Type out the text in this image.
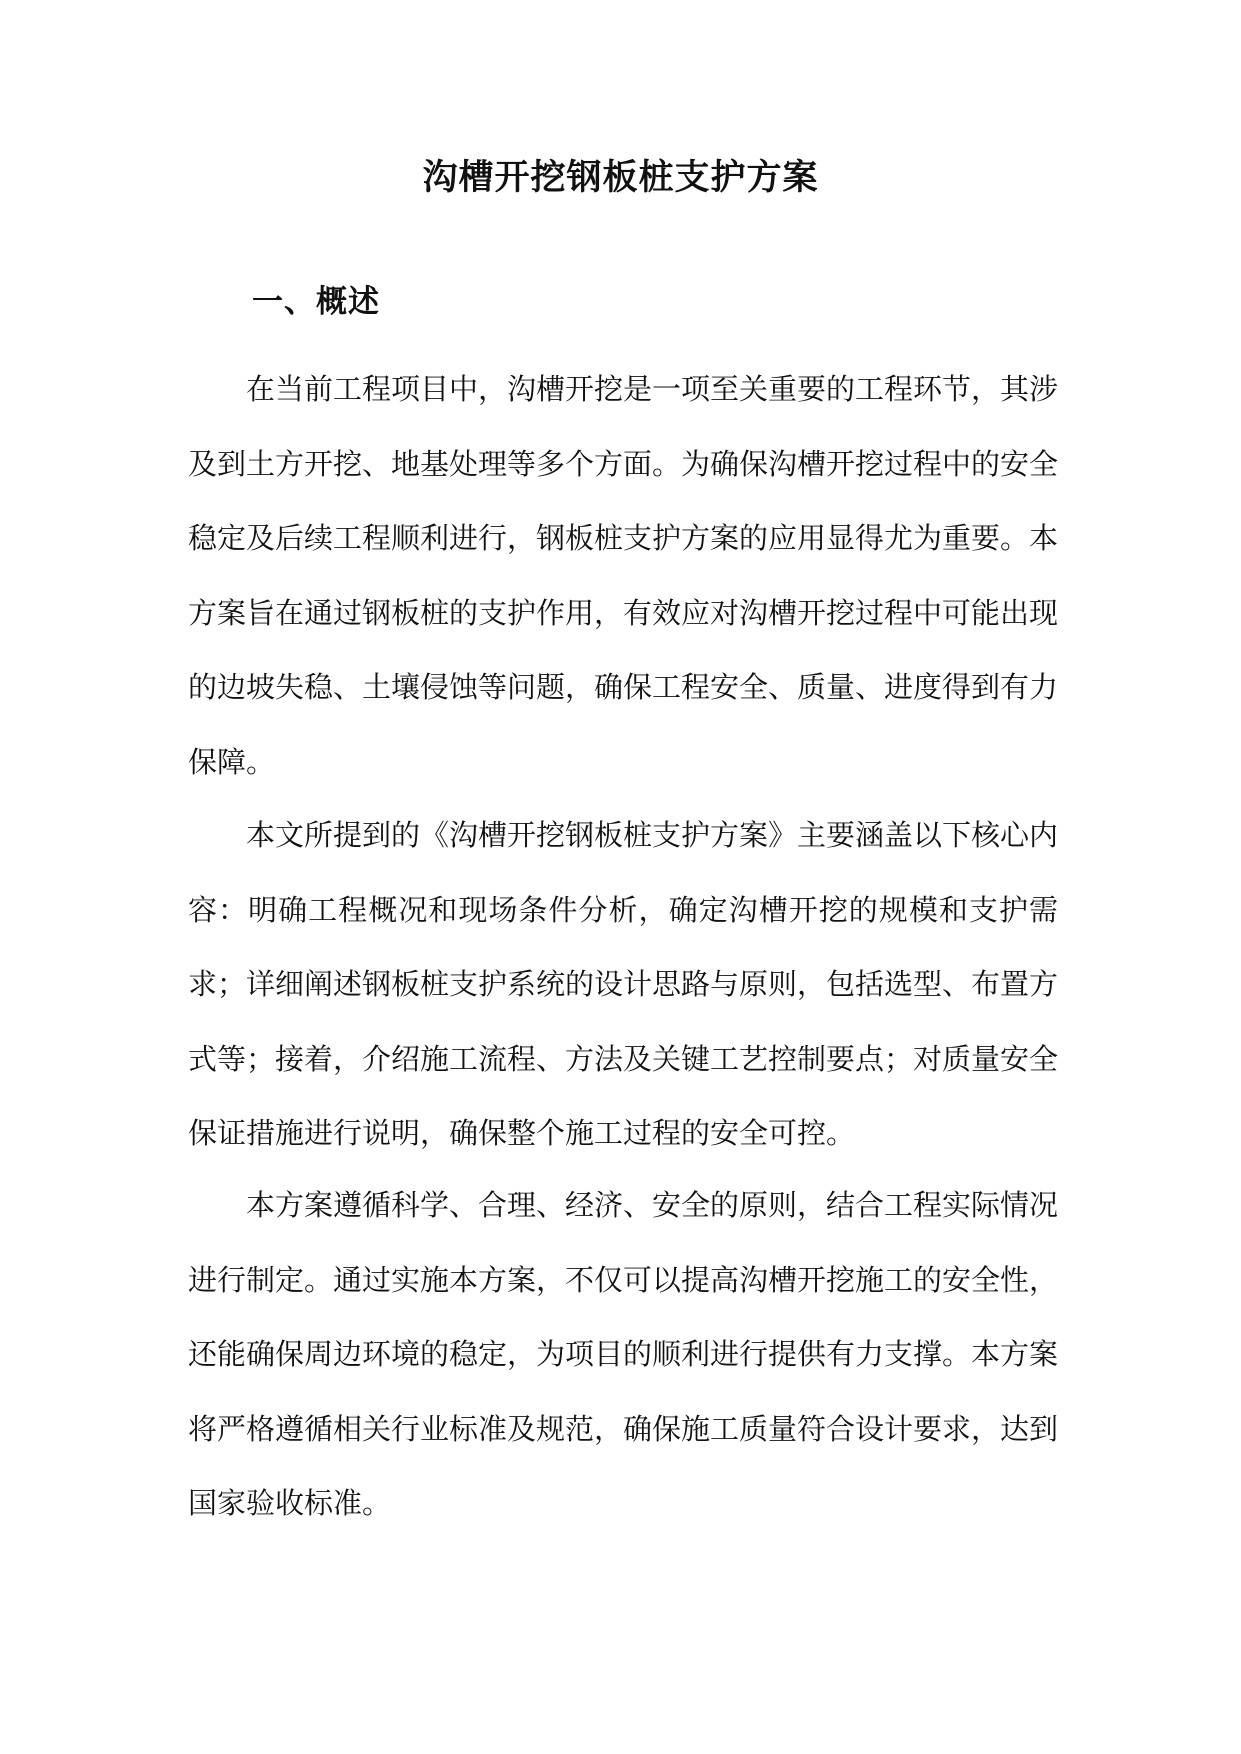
沟槽开挖钢板桩支护方案
一、概述

在当前工程项目中，沟槽开挖是一项至关重要的工程环节，其涉及到土方开挖、地基处理等多个方面。为确保沟槽开挖过程中的安全稳定及后续工程顺利进行，钢板桩支护方案的应用显得尤为重要。本方案旨在通过钢板桩的支护作用，有效应对沟槽开挖过程中可能出现的边坡失稳、土壤侵蚀等问题，确保工程安全、质量、进度得到有力保障。

本文所提到的《沟槽开挖钢板桩支护方案》主要涵盖以下核心内容：明确工程概况和现场条件分析，确定沟槽开挖的规模和支护需求；详细阐述钢板桩支护系统的设计思路与原则，包括选型、布置方式等；接着，介绍施工流程、方法及关键工艺控制要点；对质量安全保证措施进行说明，确保整个施工过程的安全可控。

本方案遵循科学、合理、经济、安全的原则，结合工程实际情况进行制定。通过实施本方案，不仅可以提高沟槽开挖施工的安全性，还能确保周边环境的稳定，为项目的顺利进行提供有力支撑。本方案将严格遵循相关行业标准及规范，确保施工质量符合设计要求，达到国家验收标准。
